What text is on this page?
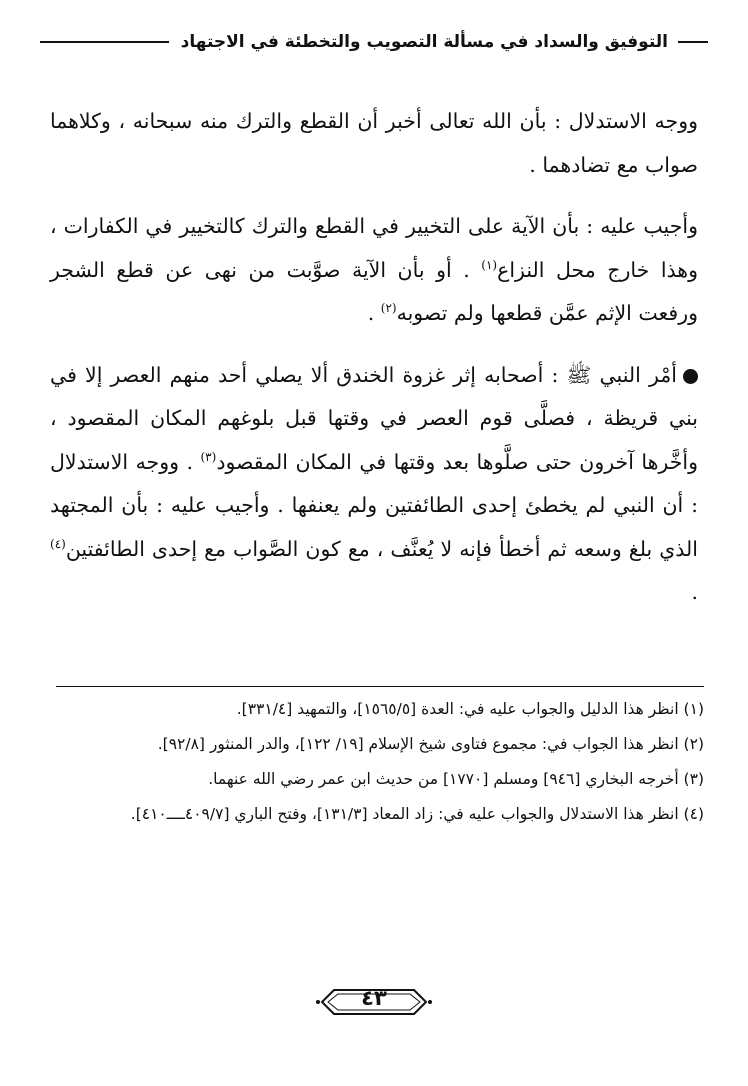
التوفيق والسداد في مسألة التصويب والتخطئة في الاجتهاد

ووجه الاستدلال : بأن الله تعالى أخبر أن القطع والترك منه سبحانه ، وكلاهما صواب مع تضادهما .

وأجيب عليه : بأن الآية على التخيير في القطع والترك كالتخيير في الكفارات ، وهذا خارج محل النزاع$^{(١)}$ . أو بأن الآية صوَّبت من نهى عن قطع الشجر ورفعت الإثم عمَّن قطعها ولم تصوبه$^{(٢)}$ .

أمْر النبي ﷺ : أصحابه إثر غزوة الخندق ألا يصلي أحد منهم العصر إلا في بني قريظة ، فصلَّى قوم العصر في وقتها قبل بلوغهم المكان المقصود ، وأخَّرها آخرون حتى صلَّوها بعد وقتها في المكان المقصود$^{(٣)}$ . ووجه الاستدلال : أن النبي لم يخطئ إحدى الطائفتين ولم يعنفها . وأجيب عليه : بأن المجتهد الذي بلغ وسعه ثم أخطأ فإنه لا يُعنَّف ، مع كون الصَّواب مع إحدى الطائفتين$^{(٤)}$ .

(١) انظر هذا الدليل والجواب عليه في: العدة [١٥٦٥/٥]، والتمهيد [٣٣١/٤].

(٢) انظر هذا الجواب في: مجموع فتاوى شيخ الإسلام [١٩/ ١٢٢]، والدر المنثور [٩٢/٨].

(٣) أخرجه البخاري [٩٤٦] ومسلم [١٧٧٠] من حديث ابن عمر رضي الله عنهما.

(٤) انظر هذا الاستدلال والجواب عليه في: زاد المعاد [١٣١/٣]، وفتح الباري [٤٠٩/٧ــــ٤١٠].

٤٣
